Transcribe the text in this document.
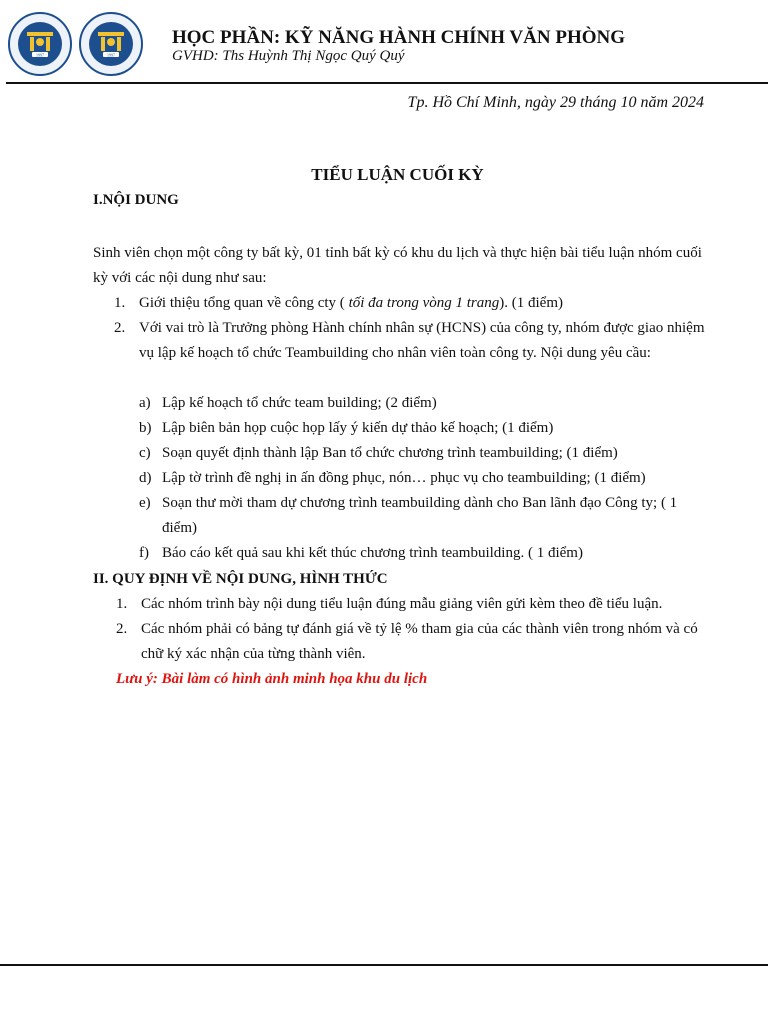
1997	1997
HỌC PHẦN: KỸ NĂNG HÀNH CHÍNH VĂN PHÒNG
GVHD: Ths Huỳnh Thị Ngọc Quý Quý
Tp. Hồ Chí Minh, ngày 29 tháng 10 năm 2024
TIỂU LUẬN CUỐI KỲ
I.NỘI DUNG
Sinh viên chọn một công ty bất kỳ, 01 tỉnh bất kỳ có khu du lịch và thực hiện bài tiểu luận nhóm cuối kỳ với các nội dung như sau:
1. Giới thiệu tổng quan về công cty ( tối đa trong vòng 1 trang). (1 điểm)
2. Với vai trò là Trưởng phòng Hành chính nhân sự (HCNS) của công ty, nhóm được giao nhiệm vụ lập kế hoạch tổ chức Teambuilding cho nhân viên toàn công ty. Nội dung yêu cầu:
a) Lập kế hoạch tổ chức team building; (2 điểm)
b) Lập biên bản họp cuộc họp lấy ý kiến dự thảo kế hoạch; (1 điểm)
c) Soạn quyết định thành lập Ban tổ chức chương trình teambuilding; (1 điểm)
d) Lập tờ trình đề nghị in ấn đồng phục, nón… phục vụ cho teambuilding; (1 điểm)
e) Soạn thư mời tham dự chương trình teambuilding dành cho Ban lãnh đạo Công ty; ( 1 điểm)
f) Báo cáo kết quả sau khi kết thúc chương trình teambuilding. ( 1 điểm)
II. QUY ĐỊNH VỀ NỘI DUNG, HÌNH THỨC
1. Các nhóm trình bày nội dung tiểu luận đúng mẫu giảng viên gửi kèm theo đề tiểu luận.
2. Các nhóm phải có bảng tự đánh giá về tỷ lệ % tham gia của các thành viên trong nhóm và có chữ ký xác nhận của từng thành viên.
Lưu ý: Bài làm có hình ảnh minh họa khu du lịch
